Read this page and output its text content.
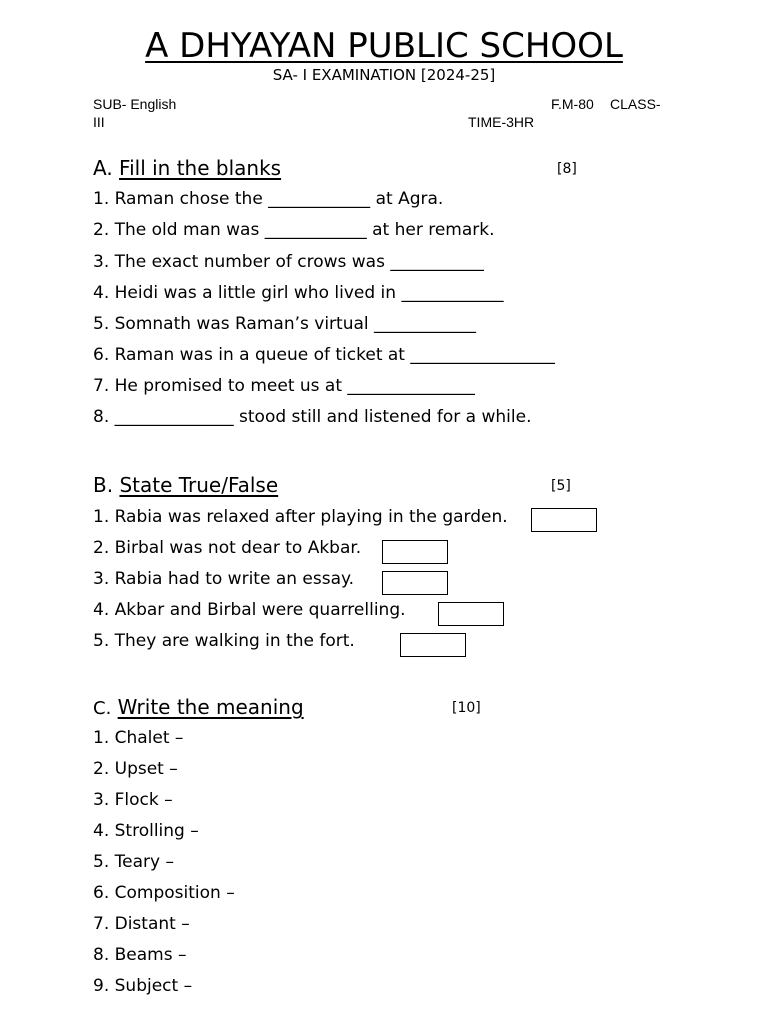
A DHYAYAN PUBLIC SCHOOL
SA- I EXAMINATION [2024-25]
SUB- English	F.M-80 CLASS-
III	TIME-3HR
A. Fill in the blanks	[8]
1. Raman chose the ____________ at Agra.
2. The old man was ____________ at her remark.
3. The exact number of crows was ___________
4. Heidi was a little girl who lived in ____________
5. Somnath was Raman’s virtual ____________
6. Raman was in a queue of ticket at _________________
7. He promised to meet us at _______________
8. ______________ stood still and listened for a while.
B. State True/False	[5]
1. Rabia was relaxed after playing in the garden.
2. Birbal was not dear to Akbar.
3. Rabia had to write an essay.
4. Akbar and Birbal were quarrelling.
5. They are walking in the fort.
C. Write the meaning	[10]
1. Chalet –
2. Upset –
3. Flock –
4. Strolling –
5. Teary –
6. Composition –
7. Distant –
8. Beams –
9. Subject –
